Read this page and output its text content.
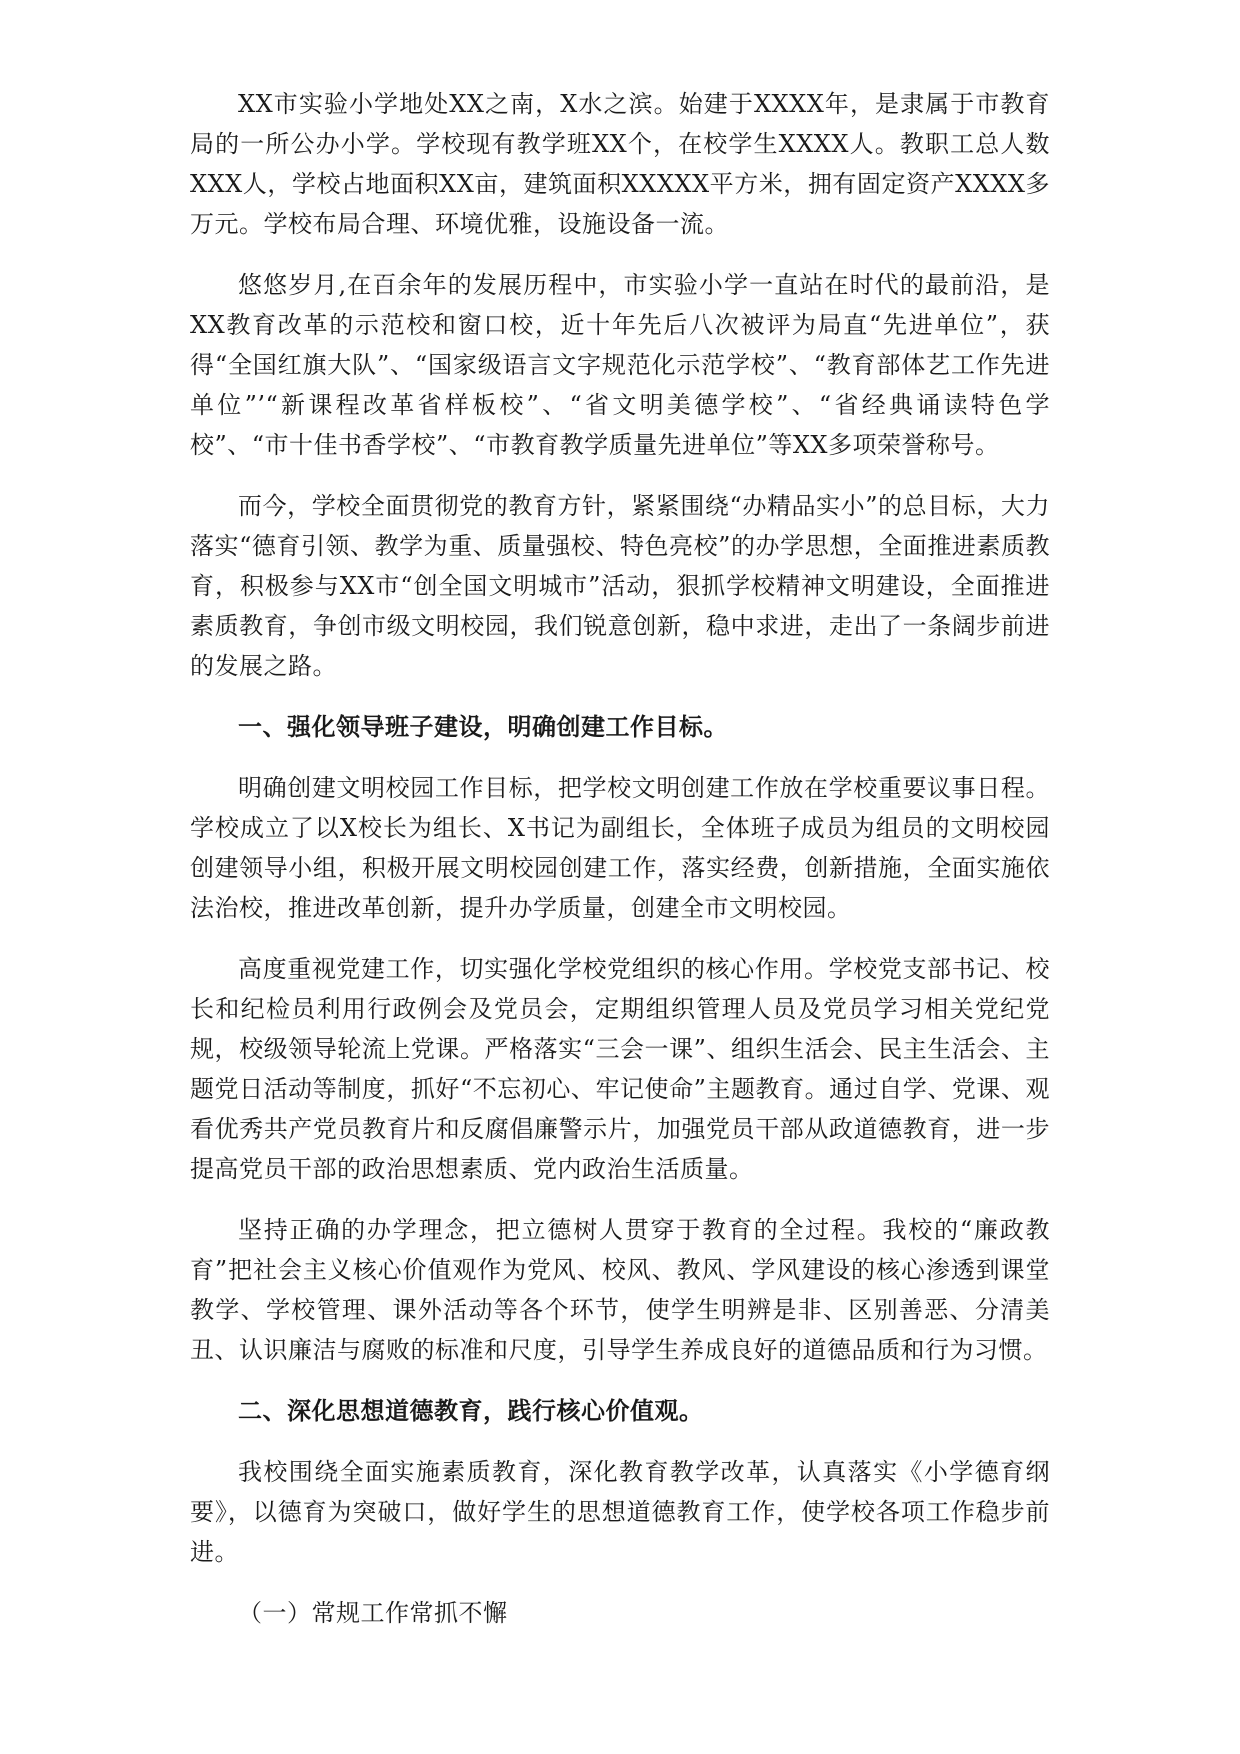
XX市实验小学地处XX之南，X水之滨。始建于XXXX年，是隶属于市教育局的一所公办小学。学校现有教学班XX个，在校学生XXXX人。教职工总人数XXX人，学校占地面积XX亩，建筑面积XXXXX平方米，拥有固定资产XXXX多万元。学校布局合理、环境优雅，设施设备一流。

悠悠岁月,在百余年的发展历程中，市实验小学一直站在时代的最前沿，是XX教育改革的示范校和窗口校，近十年先后八次被评为局直“先进单位”，获得“全国红旗大队”、“国家级语言文字规范化示范学校”、“教育部体艺工作先进单位”’“新课程改革省样板校”、“省文明美德学校”、“省经典诵读特色学校”、“市十佳书香学校”、“市教育教学质量先进单位”等XX多项荣誉称号。

而今，学校全面贯彻党的教育方针，紧紧围绕“办精品实小”的总目标，大力落实“德育引领、教学为重、质量强校、特色亮校”的办学思想，全面推进素质教育，积极参与XX市“创全国文明城市”活动，狠抓学校精神文明建设，全面推进素质教育，争创市级文明校园，我们锐意创新，稳中求进，走出了一条阔步前进的发展之路。

一、强化领导班子建设，明确创建工作目标。

明确创建文明校园工作目标，把学校文明创建工作放在学校重要议事日程。学校成立了以X校长为组长、X书记为副组长，全体班子成员为组员的文明校园创建领导小组，积极开展文明校园创建工作，落实经费，创新措施，全面实施依法治校，推进改革创新，提升办学质量，创建全市文明校园。

高度重视党建工作，切实强化学校党组织的核心作用。学校党支部书记、校长和纪检员利用行政例会及党员会，定期组织管理人员及党员学习相关党纪党规，校级领导轮流上党课。严格落实“三会一课”、组织生活会、民主生活会、主题党日活动等制度，抓好“不忘初心、牢记使命”主题教育。通过自学、党课、观看优秀共产党员教育片和反腐倡廉警示片，加强党员干部从政道德教育，进一步提高党员干部的政治思想素质、党内政治生活质量。

坚持正确的办学理念，把立德树人贯穿于教育的全过程。我校的“廉政教育”把社会主义核心价值观作为党风、校风、教风、学风建设的核心渗透到课堂教学、学校管理、课外活动等各个环节，使学生明辨是非、区别善恶、分清美丑、认识廉洁与腐败的标准和尺度，引导学生养成良好的道德品质和行为习惯。

二、深化思想道德教育，践行核心价值观。

我校围绕全面实施素质教育，深化教育教学改革，认真落实《小学德育纲要》，以德育为突破口，做好学生的思想道德教育工作，使学校各项工作稳步前进。

（一）常规工作常抓不懈
